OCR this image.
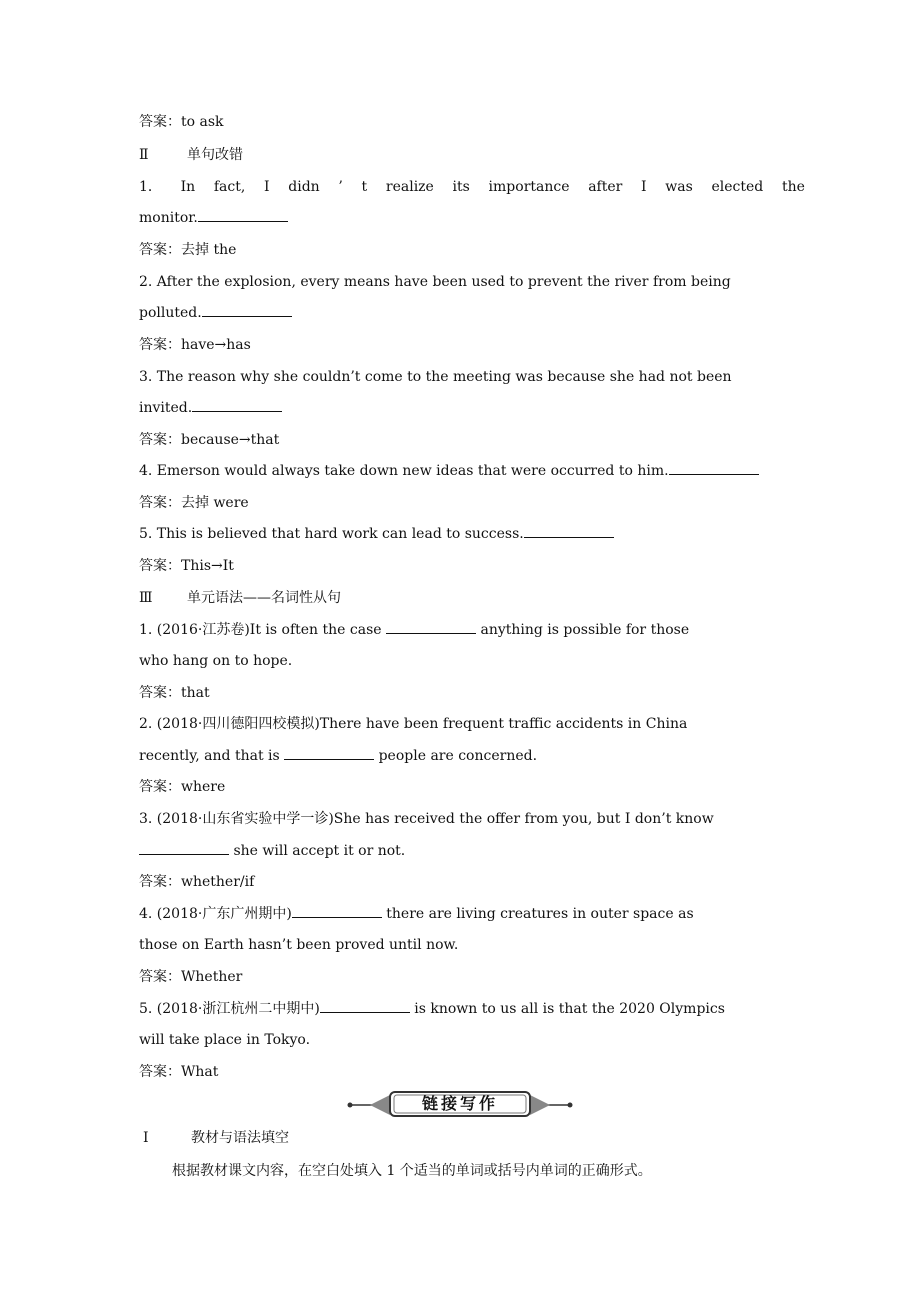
答案：to ask
Ⅱ	单句改错
1． In fact, I didn ’ t realize its importance after I was elected the
monitor.
答案：去掉 the
2. After the explosion, every means have been used to prevent the river from being
polluted.
答案：have→has
3. The reason why she couldn’t come to the meeting was because she had not been
invited.
答案：because→that
4. Emerson would always take down new ideas that were occurred to him.
答案：去掉 were
5. This is believed that hard work can lead to success.
答案：This→It
Ⅲ 单元语法——名词性从句
1. (2016·江苏卷)It is often the case	anything is possible for those
who hang on to hope.
答案：that
2. (2018·四川德阳四校模拟)There have been frequent traffic accidents in China
recently, and that is	people are concerned.
答案：where
3. (2018·山东省实验中学一诊)She has received the offer from you, but I don’t know
she will accept it or not.
答案：whether/if
4. (2018·广东广州期中)	there are living creatures in outer space as
those on Earth hasn’t been proved until now.
答案：Whether
5. (2018·浙江杭州二中期中)	is known to us all is that the 2020 Olympics
will take place in Tokyo.
答案：What
链接写作
Ⅰ	教材与语法填空
根据教材课文内容，在空白处填入 1 个适当的单词或括号内单词的正确形式。
